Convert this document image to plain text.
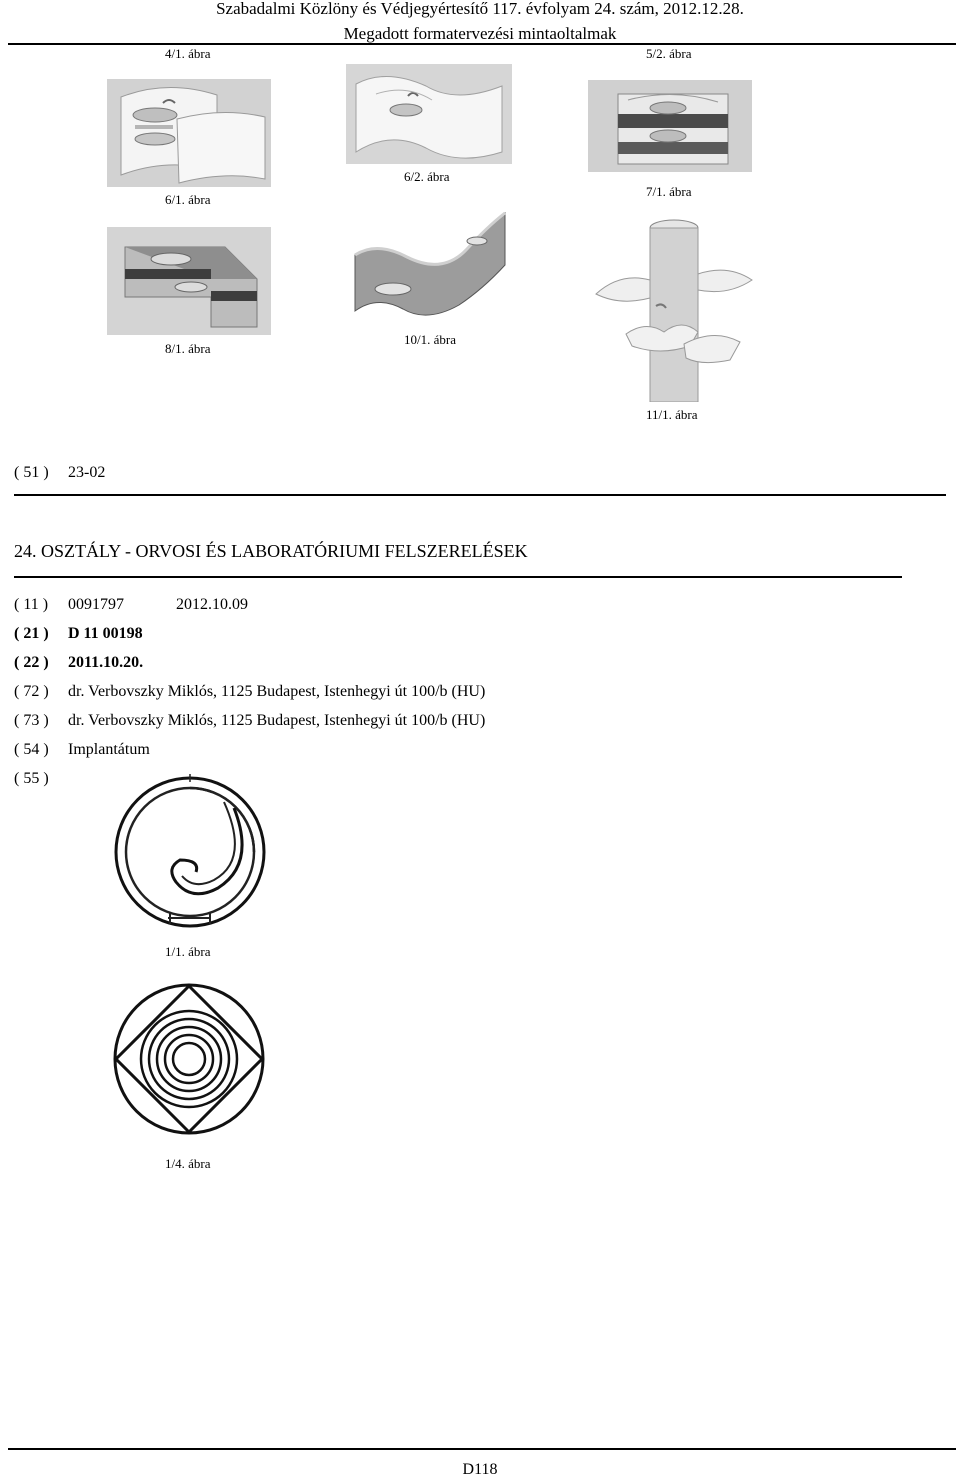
Szabadalmi Közlöny és Védjegyértesítő 117. évfolyam 24. szám, 2012.12.28.
Megadott formatervezési mintaoltalmak
4/1. ábra	5/2. ábra
6/2. ábra
7/1. ábra
6/1. ábra
10/1. ábra
8/1. ábra
11/1. ábra
( 51 ) 23-02
24. OSZTÁLY - ORVOSI ÉS LABORATÓRIUMI FELSZERELÉSEK
( 11 ) 0091797	2012.10.09
( 21 ) D 11 00198
( 22 ) 2011.10.20.
( 72 ) dr. Verbovszky Miklós, 1125 Budapest, Istenhegyi út 100/b (HU)
( 73 ) dr. Verbovszky Miklós, 1125 Budapest, Istenhegyi út 100/b (HU)
( 54 ) Implantátum
( 55 )
1/1. ábra
1/4. ábra
D118
